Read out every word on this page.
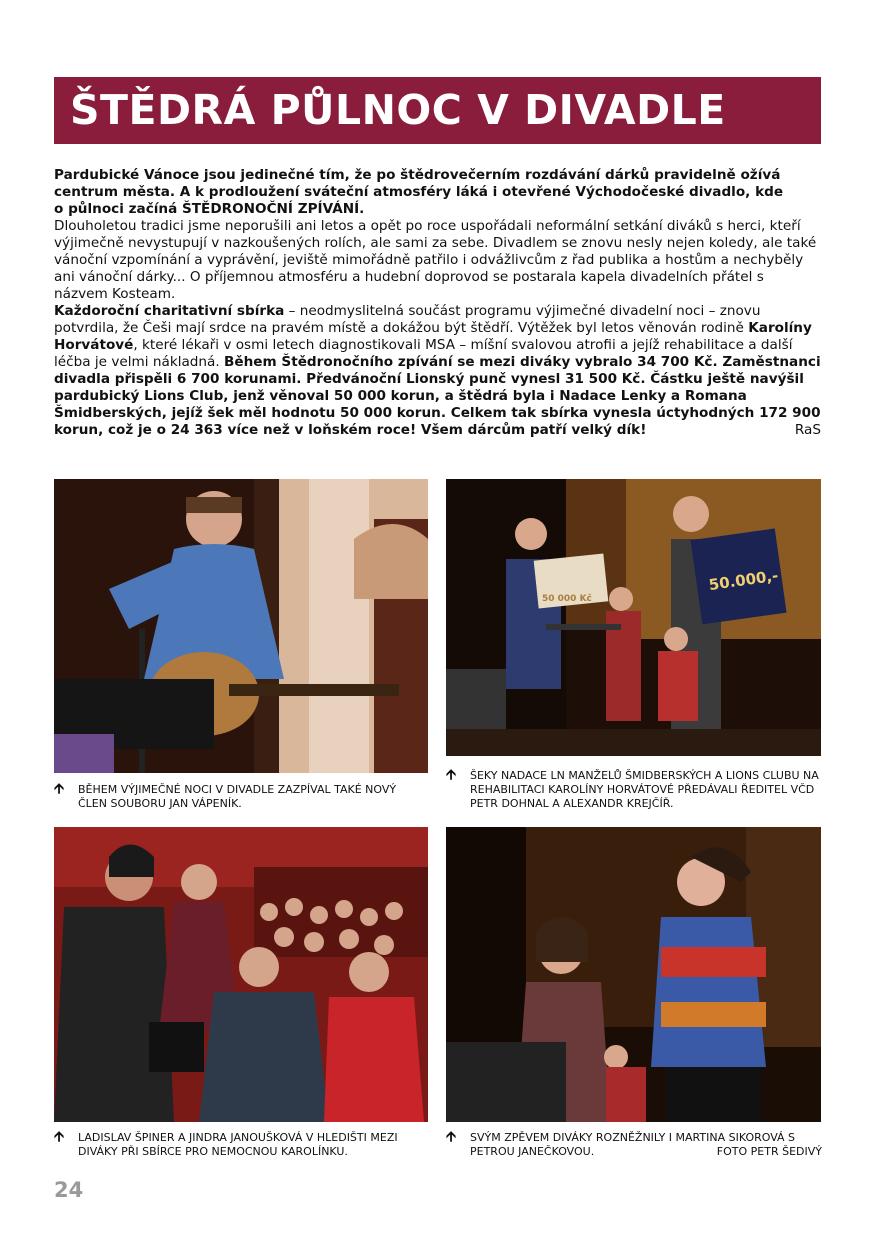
ŠTĚDRÁ PŮLNOC V DIVADLE

Pardubické Vánoce jsou jedinečné tím, že po štědrovečerním rozdávání dárků pravidelně ožívá
centrum města. A k prodloužení sváteční atmosféry láká i otevřené Východočeské divadlo, kde
o půlnoci začíná ŠTĚDRONOČNÍ ZPÍVÁNÍ.

Dlouholetou tradici jsme neporušili ani letos a opět po roce uspořádali neformální setkání diváků s herci, kteří výjimečně nevystupují v nazkoušených rolích, ale sami za sebe. Divadlem se znovu nesly nejen koledy, ale také vánoční vzpomínání a vyprávění, jeviště mimořádně patřilo i odvážlivcům z řad publika a hostům a nechyběly ani vánoční dárky... O příjemnou atmosféru a hudební doprovod se postarala kapela divadelních přátel s názvem Kosteam.

Každoroční charitativní sbírka – neodmyslitelná součást programu výjimečné divadelní noci – znovu potvrdila, že Češi mají srdce na pravém místě a dokážou být štědří. Výtěžek byl letos věnován rodině Karolíny Horvátové, které lékaři v osmi letech diagnostikovali MSA – míšní svalovou atrofii a jejíž rehabilitace a další léčba je velmi nákladná. Během Štědronočního zpívání se mezi diváky vybralo 34 700 Kč. Zaměstnanci divadla přispěli 6 700 korunami. Předvánoční Lionský punč vynesl 31 500 Kč. Částku ještě navýšil pardubický Lions Club, jenž věnoval 50 000 korun, a štědrá byla i Nadace Lenky a Romana Šmidberských, jejíž šek měl hodnotu 50 000 korun. Celkem tak sbírka vynesla úctyhodných 172 900 korun, což je o 24 363 více než v loňském roce! Všem dárcům patří velký dík!	RaS

🡩 BĚHEM VÝJIMEČNÉ NOCI V DIVADLE ZAZPÍVAL TAKÉ NOVÝ ČLEN SOUBORU JAN VÁPENÍK.
50 000 Kč
50.000,-
🡩 ŠEKY NADACE LN MANŽELŮ ŠMIDBERSKÝCH A LIONS CLUBU NA REHABILITACI KAROLÍNY HORVÁTOVÉ PŘEDÁVALI ŘEDITEL VČD PETR DOHNAL A ALEXANDR KREJČÍŘ.
🡩 LADISLAV ŠPINER A JINDRA JANOUŠKOVÁ V HLEDIŠTI MEZI DIVÁKY PŘI SBÍRCE PRO NEMOCNOU KAROLÍNKU.
🡩 SVÝM ZPĚVEM DIVÁKY ROZNĚŽNILY I MARTINA SIKOROVÁ S PETROU JANEČKOVOU.	FOTO PETR ŠEDIVÝ
24
